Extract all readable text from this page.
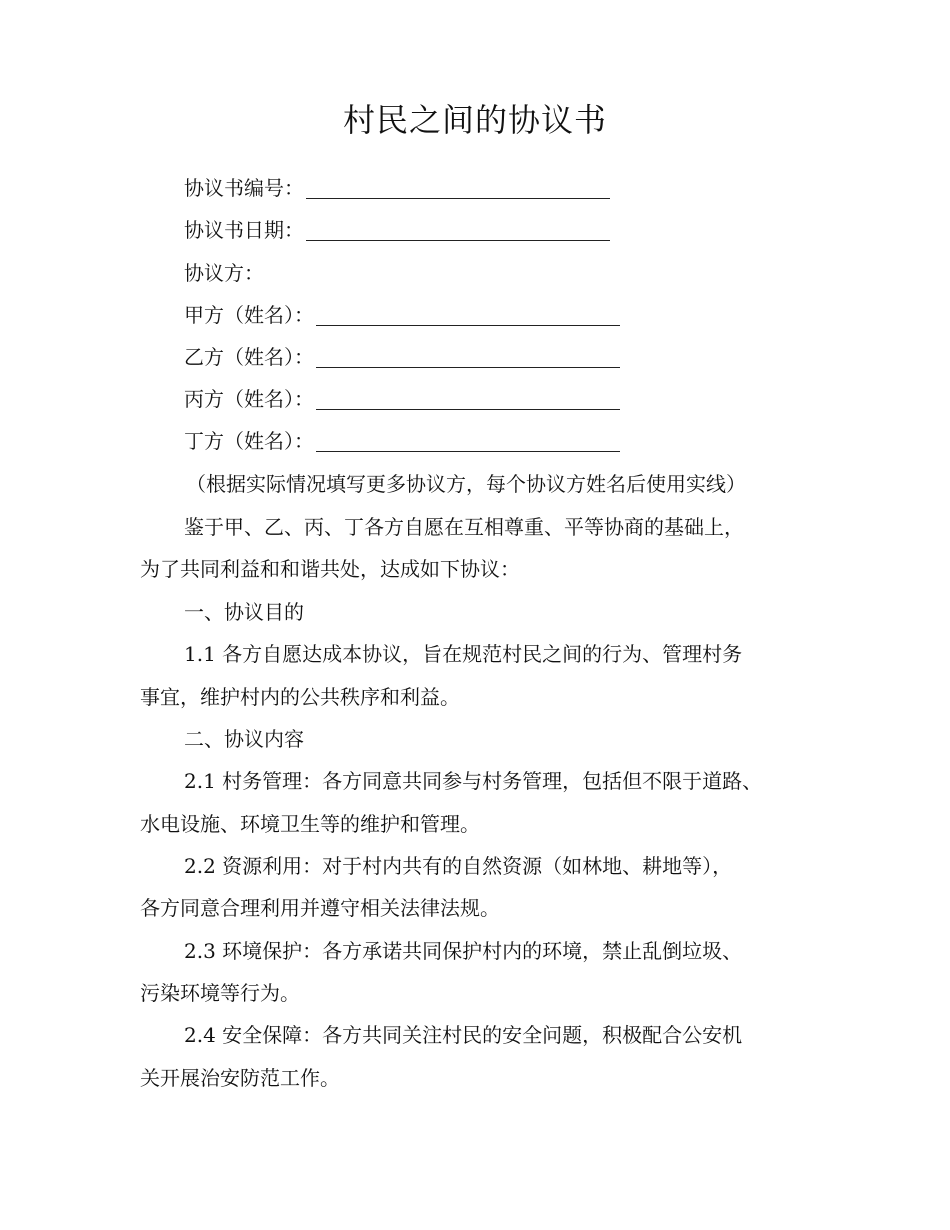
村民之间的协议书
协议书编号：
协议书日期：
协议方：
甲方（姓名）：
乙方（姓名）：
丙方（姓名）：
丁方（姓名）：
（根据实际情况填写更多协议方，每个协议方姓名后使用实线）
鉴于甲、乙、丙、丁各方自愿在互相尊重、平等协商的基础上，
为了共同利益和和谐共处，达成如下协议：
一、协议目的
1.1 各方自愿达成本协议，旨在规范村民之间的行为、管理村务
事宜，维护村内的公共秩序和利益。
二、协议内容
2.1 村务管理：各方同意共同参与村务管理，包括但不限于道路、
水电设施、环境卫生等的维护和管理。
2.2 资源利用：对于村内共有的自然资源（如林地、耕地等），
各方同意合理利用并遵守相关法律法规。
2.3 环境保护：各方承诺共同保护村内的环境，禁止乱倒垃圾、
污染环境等行为。
2.4 安全保障：各方共同关注村民的安全问题，积极配合公安机
关开展治安防范工作。
